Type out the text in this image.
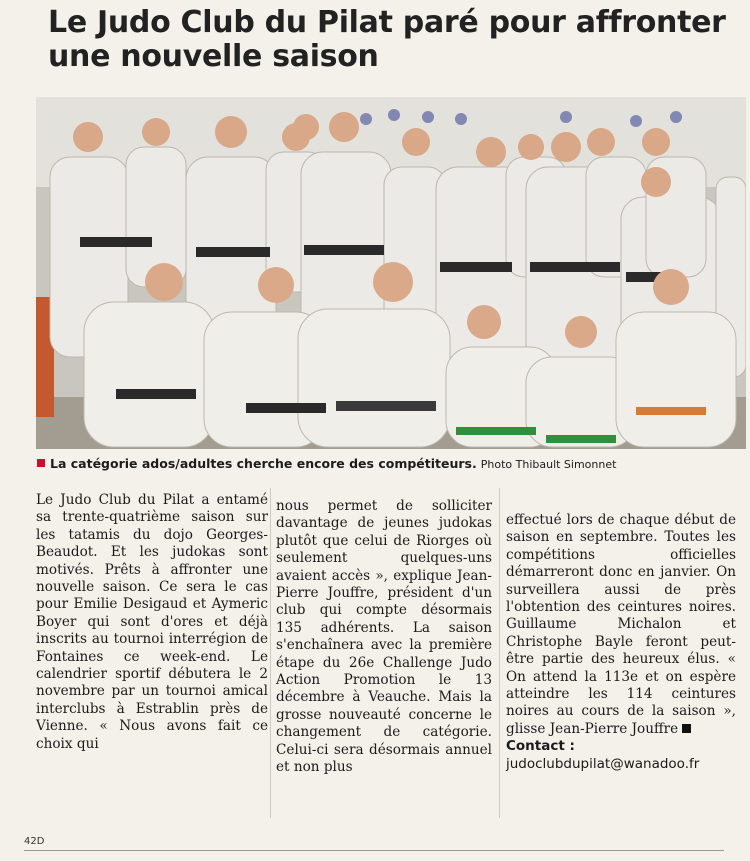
Le Judo Club du Pilat paré pour affronter
une nouvelle saison
La catégorie ados/adultes cherche encore des compétiteurs. Photo Thibault Simonnet
Le Judo Club du Pilat a entamé sa trente-quatrième saison sur les tatamis du dojo Georges-Beaudot. Et les judokas sont motivés. Prêts à affronter une nouvelle saison. Ce sera le cas pour Emilie Desigaud et Aymeric Boyer qui sont d'ores et déjà inscrits au tournoi interrégion de Fontaines ce week-end. Le calendrier sportif débutera le 2 novembre par un tournoi amical interclubs à Estrablin près de Vienne. « Nous avons fait ce choix qui
nous permet de solliciter davantage de jeunes judokas plutôt que celui de Riorges où seulement quelques-uns avaient accès », explique Jean-Pierre Jouffre, président d'un club qui compte désormais 135 adhérents. La saison s'enchaînera avec la première étape du 26e Challenge Judo Action Promotion le 13 décembre à Veauche. Mais la grosse nouveauté concerne le changement de catégorie. Celui-ci sera désormais annuel et non plus
effectué lors de chaque début de saison en septembre. Toutes les compétitions officielles démarreront donc en janvier. On surveillera aussi de près l'obtention des ceintures noires. Guillaume Michalon et Christophe Bayle feront peut-être partie des heureux élus. « On attend la 113e et on espère atteindre les 114 ceintures noires au cours de la saison », glisse Jean-Pierre Jouffre
Contact :
judoclubdupilat@wanadoo.fr
42D
